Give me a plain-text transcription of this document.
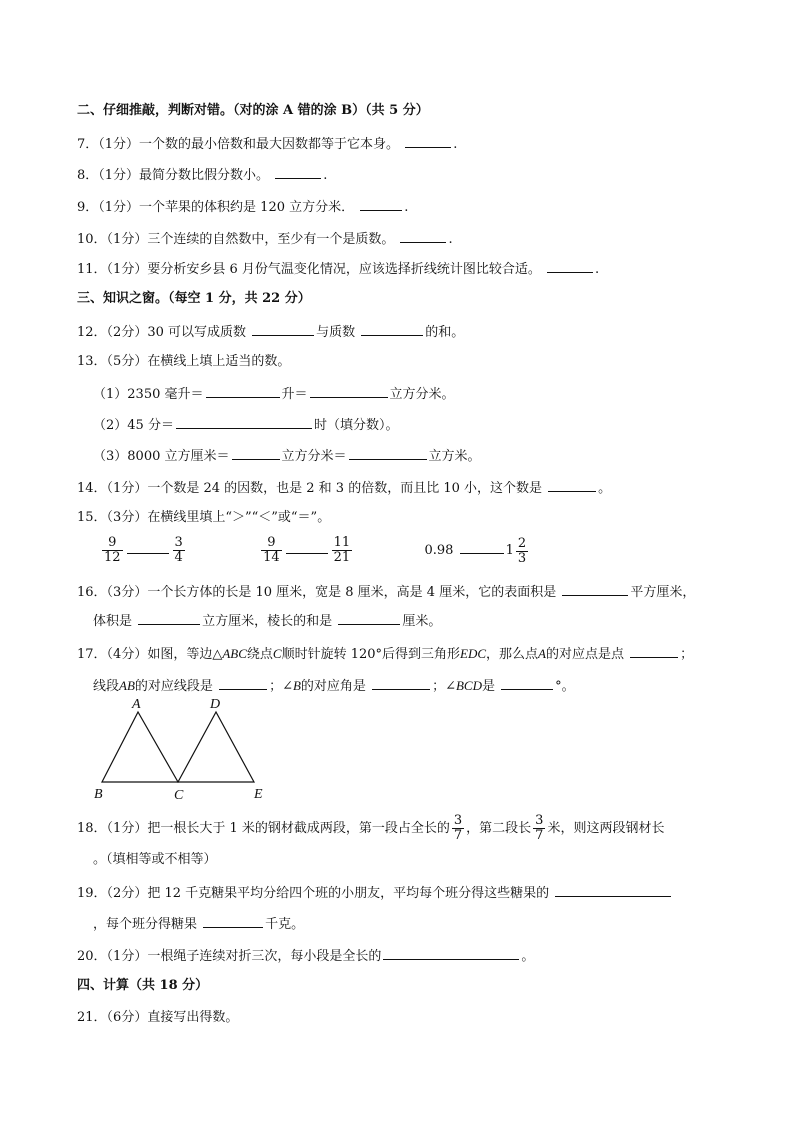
二、仔细推敲，判断对错。（对的涂 A 错的涂 B）（共 5 分）
7．（1分）一个数的最小倍数和最大因数都等于它本身。	.
8．（1分）最简分数比假分数小。	.
9．（1分）一个苹果的体积约是 120 立方分米．	.
10．（1分）三个连续的自然数中，至少有一个是质数。	.
11．（1分）要分析安乡县 6 月份气温变化情况，应该选择折线统计图比较合适。	.
三、知识之窗。（每空 1 分，共 22 分）
12．（2分）30 可以写成质数	与质数	的和。
13．（5分）在横线上填上适当的数。
（1）2350 毫升＝	升＝	立方分米。
（2）45 分＝	时（填分数）。
（3）8000 立方厘米＝	立方分米＝	立方米。
14．（1分）一个数是 24 的因数，也是 2 和 3 的倍数，而且比 10 小，这个数是	。
15．（3分）在横线里填上“＞”“＜”或“＝”。
$\frac{9}{12}$	$\frac{3}{4}$
	$\frac{9}{14}$	$\frac{11}{21}$	0.98	$1 \frac{2}{3}$
16．（3分）一个长方体的长是 10 厘米，宽是 8 厘米，高是 4 厘米，它的表面积是	平方厘米，
体积是	立方厘米，棱长的和是	厘米。
17．（4分）如图，等边△ABC绕点C顺时针旋转 120°后得到三角形EDC，那么点A的对应点是点	；
线段AB的对应线段是	；∠B的对应角是	；∠BCD是	°。
A
B	C
D
E
18．（1分）把一根长大于 1 米的钢材截成两段，第一段占全长的 $\frac{3}{7}$ ，第二段长 $\frac{3}{7}$ 米，则这两段钢材长
。（填相等或不相等）
19．（2分）把 12 千克糖果平均分给四个班的小朋友，平均每个班分得这些糖果的
，每个班分得糖果	千克。
20．（1分）一根绳子连续对折三次，每小段是全长的	。
四、计算（共 18 分）
21．（6分）直接写出得数。
